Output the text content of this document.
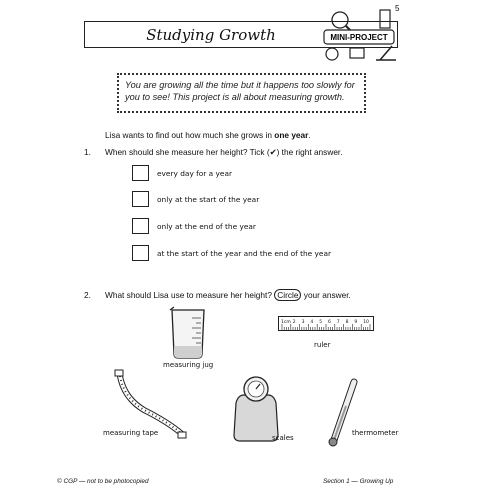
Studying Growth
5
MINI-PROJECT
You are growing all the time but it happens too slowly for you to see! This project is all about measuring growth.
Lisa wants to find out how much she grows in one year.
1. When should she measure her height? Tick (✔) the right answer.
every day for a year
only at the start of the year
only at the end of the year
at the start of the year and the end of the year
2. What should Lisa use to measure her height? Circle your answer.
measuring jug
1cm 2 3 4 5 6 7 8 9 10
ruler
measuring tape
scales
thermometer
© CGP — not to be photocopied	Section 1 — Growing Up
